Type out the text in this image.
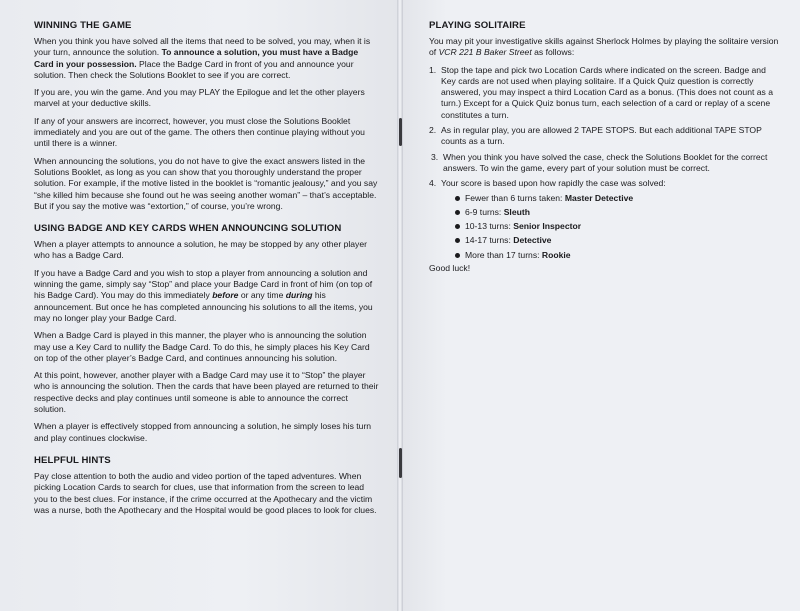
WINNING THE GAME

When you think you have solved all the items that need to be solved, you may, when it is your turn, announce the solution. To announce a solution, you must have a Badge Card in your possession. Place the Badge Card in front of you and announce your solution. Then check the Solutions Booklet to see if you are correct.

If you are, you win the game. And you may PLAY the Epilogue and let the other players marvel at your deductive skills.

If any of your answers are incorrect, however, you must close the Solutions Booklet immediately and you are out of the game. The others then continue playing without you until there is a winner.

When announcing the solutions, you do not have to give the exact answers listed in the Solutions Booklet, as long as you can show that you thoroughly understand the proper solution. For example, if the motive listed in the booklet is “romantic jealousy,” and you say “she killed him because she found out he was seeing another woman” – that’s acceptable. But if you say the motive was “extortion,” of course, you’re wrong.

USING BADGE AND KEY CARDS WHEN ANNOUNCING SOLUTION

When a player attempts to announce a solution, he may be stopped by any other player who has a Badge Card.

If you have a Badge Card and you wish to stop a player from announcing a solution and winning the game, simply say “Stop” and place your Badge Card in front of him (on top of his Badge Card). You may do this immediately before or any time during his announcement. But once he has completed announcing his solutions to all the items, you may no longer play your Badge Card.

When a Badge Card is played in this manner, the player who is announcing the solution may use a Key Card to nullify the Badge Card. To do this, he simply places his Key Card on top of the other player’s Badge Card, and continues announcing his solution.

At this point, however, another player with a Badge Card may use it to “Stop” the player who is announcing the solution. Then the cards that have been played are returned to their respective decks and play continues until someone is able to announce the correct solution.

When a player is effectively stopped from announcing a solution, he simply loses his turn and play continues clockwise.

HELPFUL HINTS

Pay close attention to both the audio and video portion of the taped adventures. When picking Location Cards to search for clues, use that information from the screen to lead you to the best clues. For instance, if the crime occurred at the Apothecary and the victim was a nurse, both the Apothecary and the Hospital would be good places to look for clues.

PLAYING SOLITAIRE

You may pit your investigative skills against Sherlock Holmes by playing the solitaire version of VCR 221 B Baker Street as follows:

1. Stop the tape and pick two Location Cards where indicated on the screen. Badge and Key cards are not used when playing solitaire. If a Quick Quiz question is correctly answered, you may inspect a third Location Card as a bonus. (This does not count as a turn.) Except for a Quick Quiz bonus turn, each selection of a card or replay of a scene constitutes a turn.
2. As in regular play, you are allowed 2 TAPE STOPS. But each additional TAPE STOP counts as a turn.
3. When you think you have solved the case, check the Solutions Booklet for the correct answers. To win the game, every part of your solution must be correct.
4. Your score is based upon how rapidly the case was solved:
Fewer than 6 turns taken: Master Detective
6-9 turns: Sleuth
10-13 turns: Senior Inspector
14-17 turns: Detective
More than 17 turns: Rookie

Good luck!
